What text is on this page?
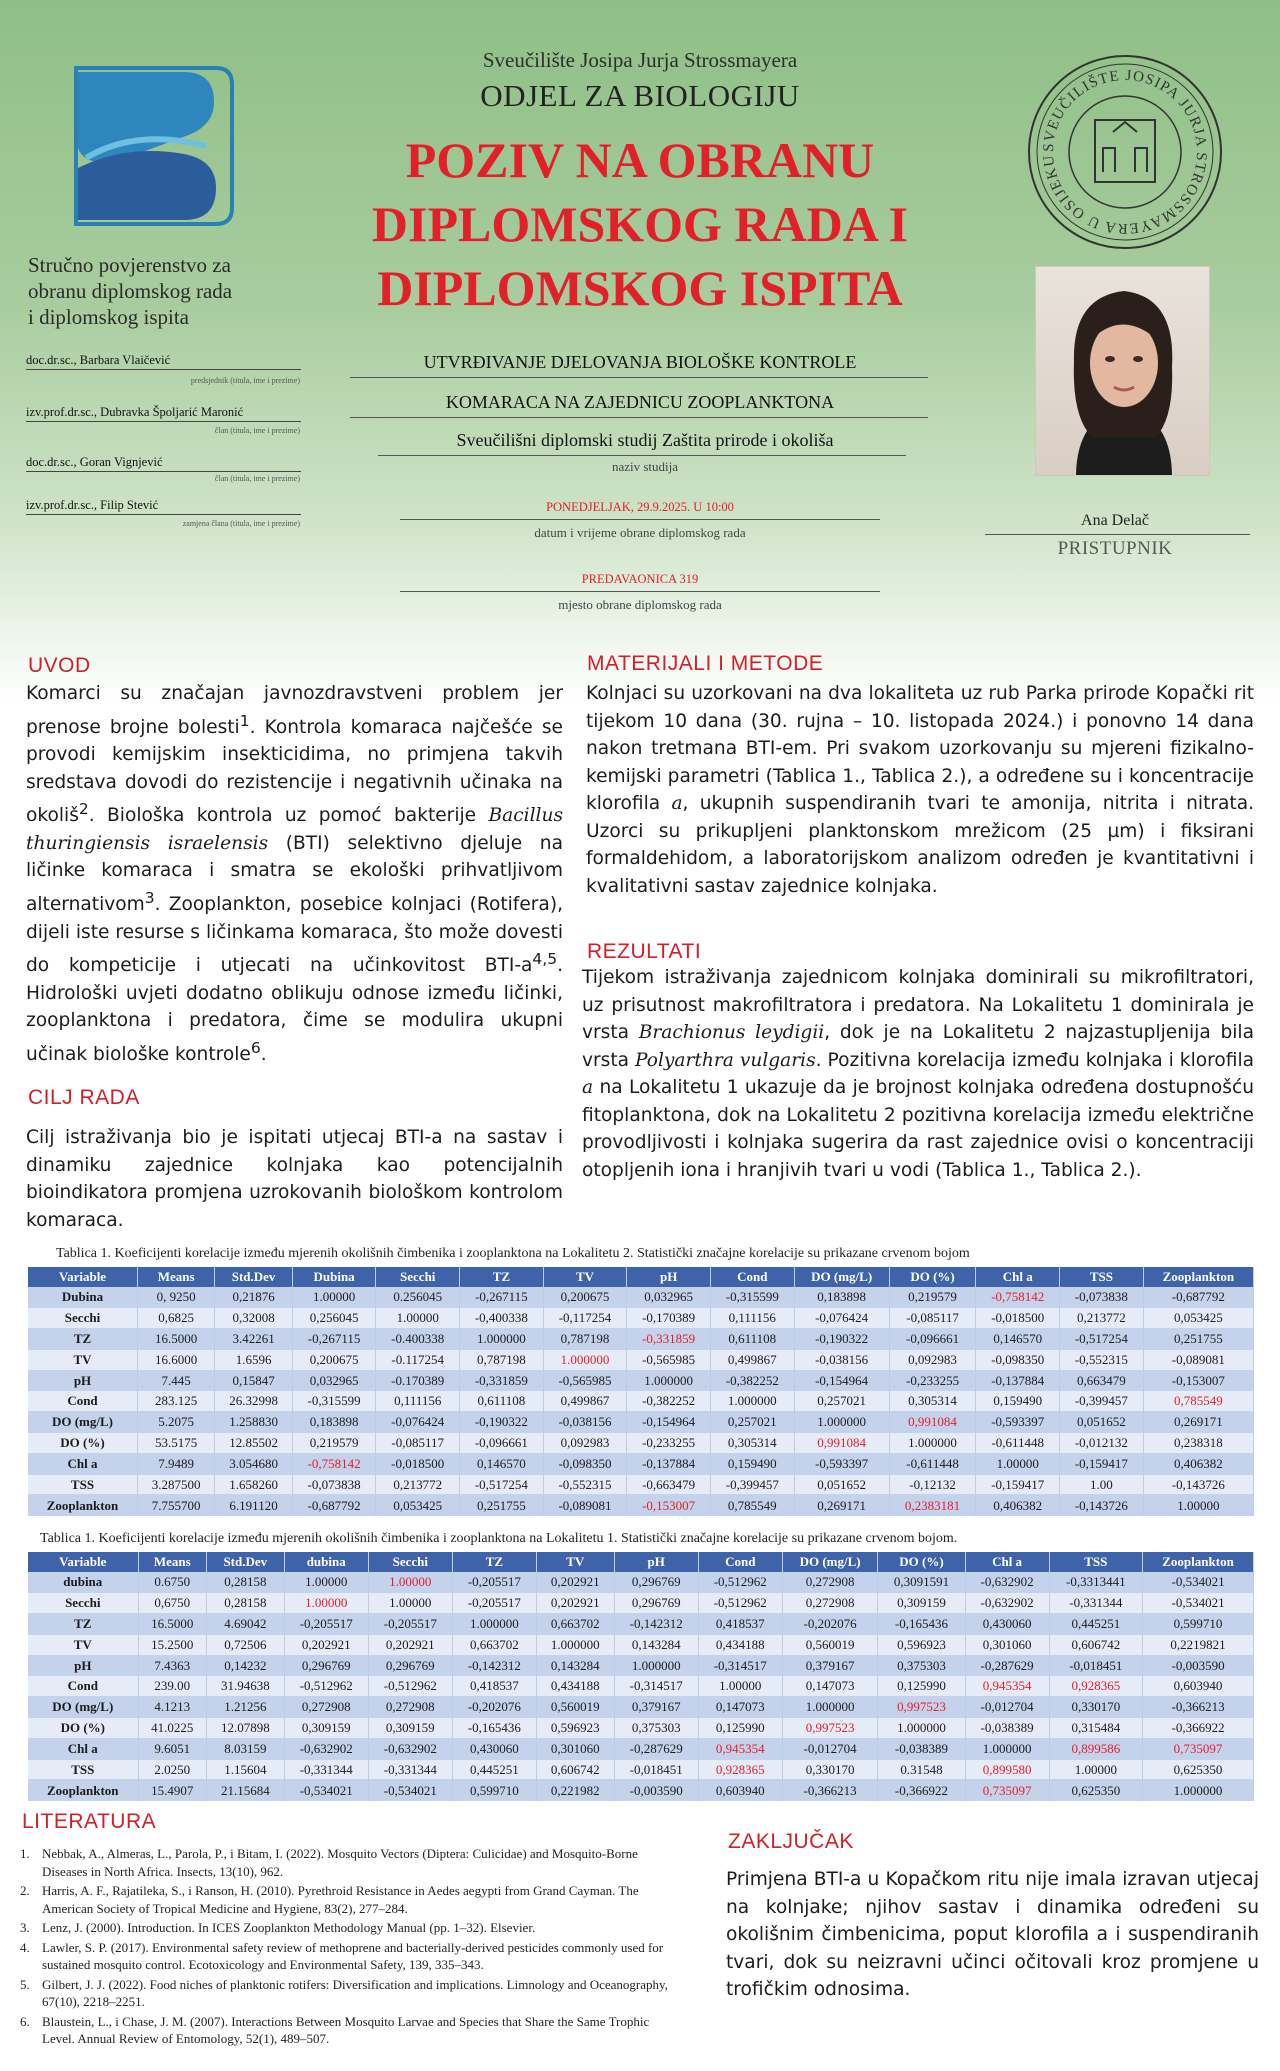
SVEUČILIŠTE JOSIPA JURJA STROSSMAYERA U OSIJEKU
Stručno povjerenstvo za
obranu diplomskog rada
i diplomskog ispita
doc.dr.sc., Barbara Vlaičević
predsjednik (titula, ime i prezime)
izv.prof.dr.sc., Dubravka Špoljarić Maronić
član (titula, ime i prezime)
doc.dr.sc., Goran Vignjević
član (titula, ime i prezime)
izv.prof.dr.sc., Filip Stević
zamjena člana (titula, ime i prezime)
Sveučilište Josipa Jurja Strossmayera
ODJEL ZA BIOLOGIJU
POZIV NA OBRANU
DIPLOMSKOG RADA I
DIPLOMSKOG ISPITA
UTVRĐIVANJE DJELOVANJA BIOLOŠKE KONTROLE
KOMARACA NA ZAJEDNICU ZOOPLANKTONA
Sveučilišni diplomski studij Zaštita prirode i okoliša
naziv studija
PONEDJELJAK, 29.9.2025. U 10:00
datum i vrijeme obrane diplomskog rada
PREDAVAONICA 319
mjesto obrane diplomskog rada
Ana Delač
PRISTUPNIK
UVOD
Komarci su značajan javnozdravstveni problem jer prenose brojne bolesti$^1$. Kontrola komaraca najčešće se provodi kemijskim insekticidima, no primjena takvih sredstava dovodi do rezistencije i negativnih učinaka na okoliš$^2$. Biološka kontrola uz pomoć bakterije Bacillus thuringiensis israelensis (BTI) selektivno djeluje na ličinke komaraca i smatra se ekološki prihvatljivom alternativom$^3$. Zooplankton, posebice kolnjaci (Rotifera), dijeli iste resurse s ličinkama komaraca, što može dovesti do kompeticije i utjecati na učinkovitost BTI-$a^{4,5}$. Hidrološki uvjeti dodatno oblikuju odnose između ličinki, zooplanktona i predatora, čime se modulira ukupni učinak biološke kontrole$^6$.
CILJ RADA
Cilj istraživanja bio je ispitati utjecaj BTI-a na sastav i dinamiku zajednice kolnjaka kao potencijalnih bioindikatora promjena uzrokovanih biološkom kontrolom komaraca.
MATERIJALI I METODE
Kolnjaci su uzorkovani na dva lokaliteta uz rub Parka prirode Kopački rit tijekom 10 dana (30. rujna – 10. listopada 2024.) i ponovno 14 dana nakon tretmana BTI-em. Pri svakom uzorkovanju su mjereni fizikalno-kemijski parametri (Tablica 1., Tablica 2.), a određene su i koncentracije klorofila a, ukupnih suspendiranih tvari te amonija, nitrita i nitrata. Uzorci su prikupljeni planktonskom mrežicom (25 µm) i fiksirani formaldehidom, a laboratorijskom analizom određen je kvantitativni i kvalitativni sastav zajednice kolnjaka.
REZULTATI
Tijekom istraživanja zajednicom kolnjaka dominirali su mikrofiltratori, uz prisutnost makrofiltratora i predatora. Na Lokalitetu 1 dominirala je vrsta Brachionus leydigii, dok je na Lokalitetu 2 najzastupljenija bila vrsta Polyarthra vulgaris. Pozitivna korelacija između kolnjaka i klorofila a na Lokalitetu 1 ukazuje da je brojnost kolnjaka određena dostupnošću fitoplanktona, dok na Lokalitetu 2 pozitivna korelacija između električne provodljivosti i kolnjaka sugerira da rast zajednice ovisi o koncentraciji otopljenih iona i hranjivih tvari u vodi (Tablica 1., Tablica 2.).
Tablica 1. Koeficijenti korelacije između mjerenih okolišnih čimbenika i zooplanktona na Lokalitetu 2. Statistički značajne korelacije su prikazane crvenom bojom
Variable	Means	Std.Dev	Dubina	Secchi	TZ	TV	pH	Cond	DO (mg/L)	DO (%)	Chl a	TSS	Zooplankton
Dubina	0, 9250	0,21876	1.00000	0.256045	-0,267115	0,200675	0,032965	-0,315599	0,183898	0,219579	-0,758142	-0,073838	-0,687792
Secchi	0,6825	0,32008	0,256045	1.00000	-0,400338	-0,117254	-0,170389	0,111156	-0,076424	-0,085117	-0,018500	0,213772	0,053425
TZ	16.5000	3.42261	-0,267115	-0.400338	1.000000	0,787198	-0,331859	0,611108	-0,190322	-0,096661	0,146570	-0,517254	0,251755
TV	16.6000	1.6596	0,200675	-0.117254	0,787198	1.000000	-0,565985	0,499867	-0,038156	0,092983	-0,098350	-0,552315	-0,089081
pH	7.445	0,15847	0,032965	-0.170389	-0,331859	-0,565985	1.000000	-0,382252	-0,154964	-0,233255	-0,137884	0,663479	-0,153007
Cond	283.125	26.32998	-0,315599	0,111156	0,611108	0,499867	-0,382252	1.000000	0,257021	0,305314	0,159490	-0,399457	0,785549
DO (mg/L)	5.2075	1.258830	0,183898	-0,076424	-0,190322	-0,038156	-0,154964	0,257021	1.000000	0,991084	-0,593397	0,051652	0,269171
DO (%)	53.5175	12.85502	0,219579	-0,085117	-0,096661	0,092983	-0,233255	0,305314	0,991084	1.000000	-0,611448	-0,012132	0,238318
Chl a	7.9489	3.054680	-0,758142	-0,018500	0,146570	-0,098350	-0,137884	0,159490	-0,593397	-0,611448	1.00000	-0,159417	0,406382
TSS	3.287500	1.658260	-0,073838	0,213772	-0,517254	-0,552315	-0,663479	-0,399457	0,051652	-0,12132	-0,159417	1.00	-0,143726
Zooplankton	7.755700	6.191120	-0,687792	0,053425	0,251755	-0,089081	-0,153007	0,785549	0,269171	0,2383181	0,406382	-0,143726	1.00000
Tablica 1. Koeficijenti korelacije između mjerenih okolišnih čimbenika i zooplanktona na Lokalitetu 1. Statistički značajne korelacije su prikazane crvenom bojom.
Variable	Means	Std.Dev	dubina	Secchi	TZ	TV	pH	Cond	DO (mg/L)	DO (%)	Chl a	TSS	Zooplankton
dubina	0.6750	0,28158	1.00000	1.00000	-0,205517	0,202921	0,296769	-0,512962	0,272908	0,3091591	-0,632902	-0,3313441	-0,534021
Secchi	0,6750	0,28158	1.00000	1.00000	-0,205517	0,202921	0,296769	-0,512962	0,272908	0,309159	-0,632902	-0,331344	-0,534021
TZ	16.5000	4.69042	-0,205517	-0,205517	1.000000	0,663702	-0,142312	0,418537	-0,202076	-0,165436	0,430060	0,445251	0,599710
TV	15.2500	0,72506	0,202921	0,202921	0,663702	1.000000	0,143284	0,434188	0,560019	0,596923	0,301060	0,606742	0,2219821
pH	7.4363	0,14232	0,296769	0,296769	-0,142312	0,143284	1.000000	-0,314517	0,379167	0,375303	-0,287629	-0,018451	-0,003590
Cond	239.00	31.94638	-0,512962	-0,512962	0,418537	0,434188	-0,314517	1.00000	0,147073	0,125990	0,945354	0,928365	0,603940
DO (mg/L)	4.1213	1.21256	0,272908	0,272908	-0,202076	0,560019	0,379167	0,147073	1.000000	0,997523	-0,012704	0,330170	-0,366213
DO (%)	41.0225	12.07898	0,309159	0,309159	-0,165436	0,596923	0,375303	0,125990	0,997523	1.000000	-0,038389	0,315484	-0,366922
Chl a	9.6051	8.03159	-0,632902	-0,632902	0,430060	0,301060	-0,287629	0,945354	-0,012704	-0,038389	1.000000	0,899586	0,735097
TSS	2.0250	1.15604	-0,331344	-0,331344	0,445251	0,606742	-0,018451	0,928365	0,330170	0.31548	0,899580	1.00000	0,625350
Zooplankton	15.4907	21.15684	-0,534021	-0,534021	0,599710	0,221982	-0,003590	0,603940	-0,366213	-0,366922	0,735097	0,625350	1.000000
LITERATURA
1. Nebbak, A., Almeras, L., Parola, P., i Bitam, I. (2022). Mosquito Vectors (Diptera: Culicidae) and Mosquito-Borne Diseases in North Africa. Insects, 13(10), 962.
2. Harris, A. F., Rajatileka, S., i Ranson, H. (2010). Pyrethroid Resistance in Aedes aegypti from Grand Cayman. The American Society of Tropical Medicine and Hygiene, 83(2), 277–284.
3. Lenz, J. (2000). Introduction. In ICES Zooplankton Methodology Manual (pp. 1–32). Elsevier.
4. Lawler, S. P. (2017). Environmental safety review of methoprene and bacterially-derived pesticides commonly used for sustained mosquito control. Ecotoxicology and Environmental Safety, 139, 335–343.
5. Gilbert, J. J. (2022). Food niches of planktonic rotifers: Diversification and implications. Limnology and Oceanography, 67(10), 2218–2251.
6. Blaustein, L., i Chase, J. M. (2007). Interactions Between Mosquito Larvae and Species that Share the Same Trophic Level. Annual Review of Entomology, 52(1), 489–507.
ZAKLJUČAK
Primjena BTI-a u Kopačkom ritu nije imala izravan utjecaj na kolnjake; njihov sastav i dinamika određeni su okolišnim čimbenicima, poput klorofila a i suspendiranih tvari, dok su neizravni učinci očitovali kroz promjene u trofičkim odnosima.
